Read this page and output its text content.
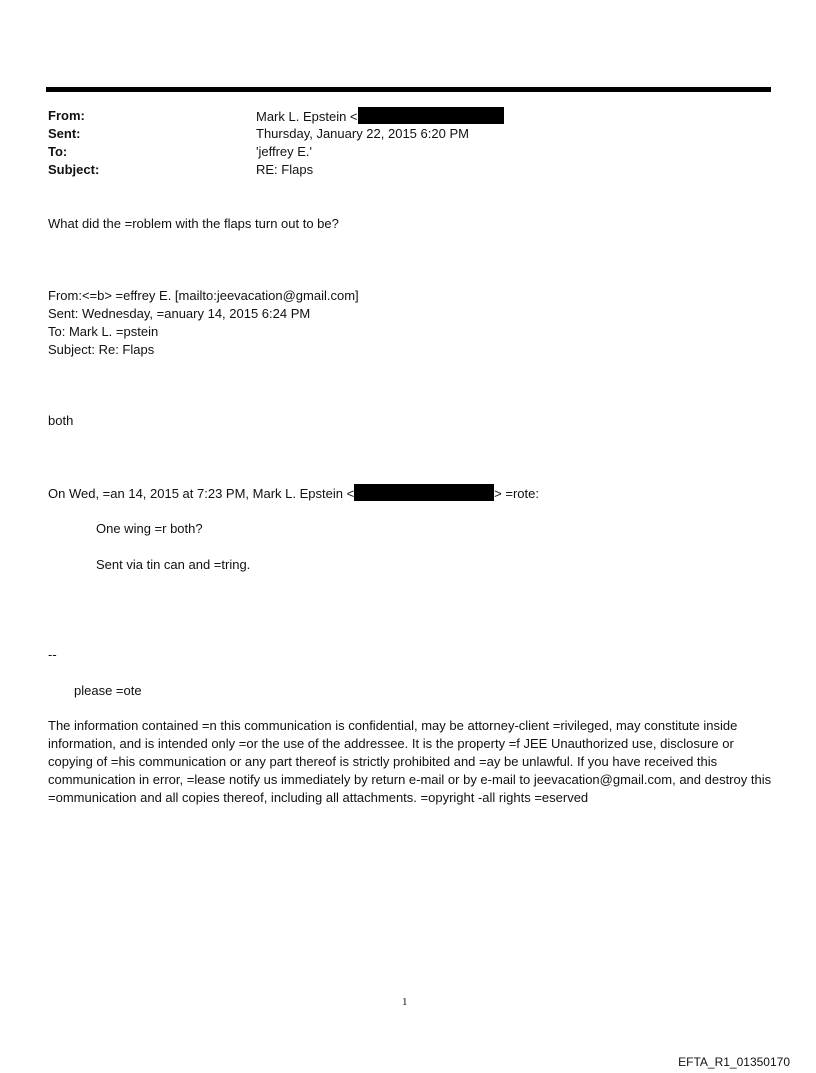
From:	Mark L. Epstein <
Sent:	Thursday, January 22, 2015 6:20 PM
To:	'jeffrey E.'
Subject:	RE: Flaps
What did the =roblem with the flaps turn out to be?
From:<=b> =effrey E. [mailto:jeevacation@gmail.com]
Sent: Wednesday, =anuary 14, 2015 6:24 PM
To: Mark L. =pstein
Subject: Re: Flaps
both
On Wed, =an 14, 2015 at 7:23 PM, Mark L. Epstein <	> =rote:
One wing =r both?
Sent via tin can and =tring.
--
please =ote
The information contained =n this communication is confidential, may be attorney-client =rivileged, may constitute inside information, and is intended only =or the use of the addressee. It is the property =f JEE Unauthorized use, disclosure or copying of =his communication or any part thereof is strictly prohibited and =ay be unlawful. If you have received this communication in error, =lease notify us immediately by return e-mail or by e-mail to jeevacation@gmail.com, and destroy this =ommunication and all copies thereof, including all attachments. =opyright -all rights =eserved
1
EFTA_R1_01350170
